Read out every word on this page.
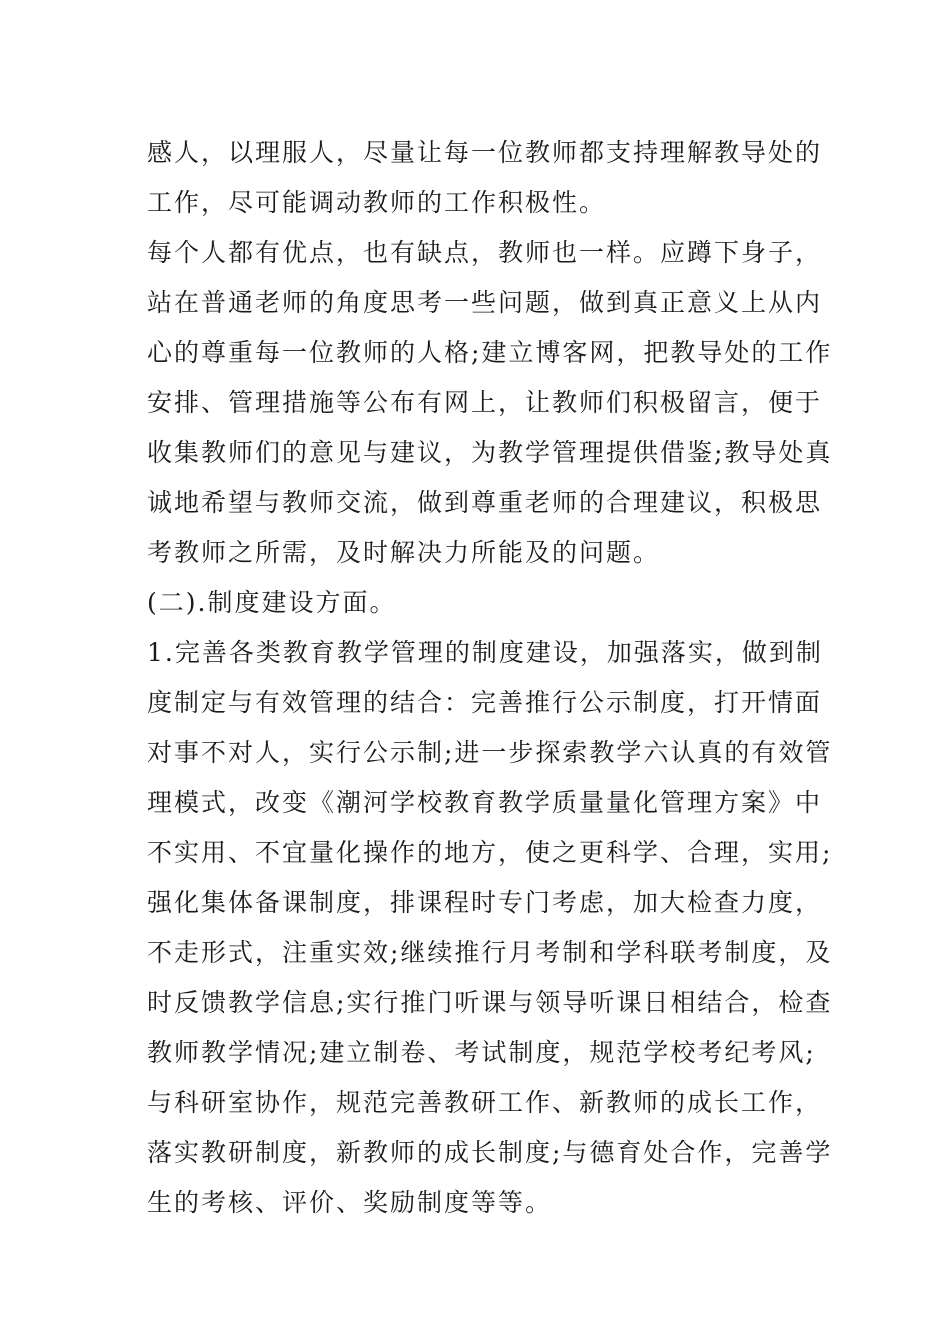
感人，以理服人，尽量让每一位教师都支持理解教导处的
工作，尽可能调动教师的工作积极性。
每个人都有优点，也有缺点，教师也一样。应蹲下身子，
站在普通老师的角度思考一些问题，做到真正意义上从内
心的尊重每一位教师的人格;建立博客网，把教导处的工作
安排、管理措施等公布有网上，让教师们积极留言，便于
收集教师们的意见与建议，为教学管理提供借鉴;教导处真
诚地希望与教师交流，做到尊重老师的合理建议，积极思
考教师之所需，及时解决力所能及的问题。
(二).制度建设方面。
1.完善各类教育教学管理的制度建设，加强落实，做到制
度制定与有效管理的结合：完善推行公示制度，打开情面
对事不对人，实行公示制;进一步探索教学六认真的有效管
理模式，改变《潮河学校教育教学质量量化管理方案》中
不实用、不宜量化操作的地方，使之更科学、合理，实用;
强化集体备课制度，排课程时专门考虑，加大检查力度，
不走形式，注重实效;继续推行月考制和学科联考制度，及
时反馈教学信息;实行推门听课与领导听课日相结合，检查
教师教学情况;建立制卷、考试制度，规范学校考纪考风;
与科研室协作，规范完善教研工作、新教师的成长工作，
落实教研制度，新教师的成长制度;与德育处合作，完善学
生的考核、评价、奖励制度等等。
